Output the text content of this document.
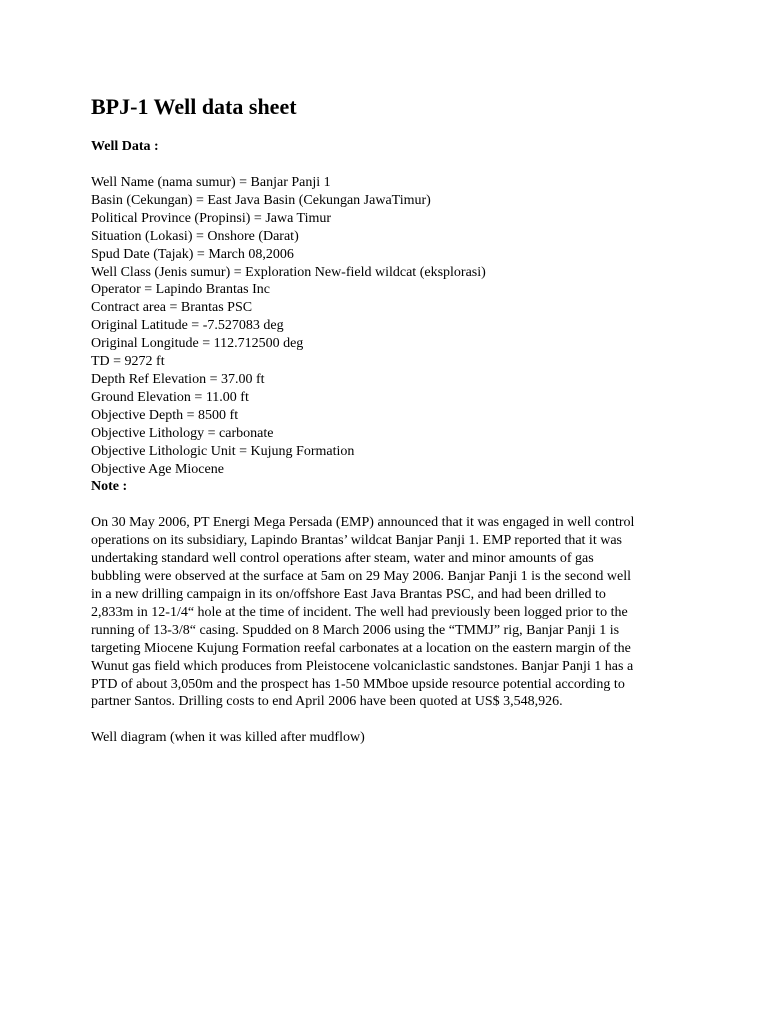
BPJ-1 Well data sheet

Well Data :

Well Name (nama sumur) = Banjar Panji 1
Basin (Cekungan) = East Java Basin (Cekungan JawaTimur)
Political Province (Propinsi) = Jawa Timur
Situation (Lokasi) = Onshore (Darat)
Spud Date (Tajak) = March 08,2006
Well Class (Jenis sumur) = Exploration New-field wildcat (eksplorasi)
Operator = Lapindo Brantas Inc
Contract area = Brantas PSC
Original Latitude = -7.527083 deg
Original Longitude = 112.712500 deg
TD = 9272 ft
Depth Ref Elevation = 37.00 ft
Ground Elevation = 11.00 ft
Objective Depth = 8500 ft
Objective Lithology = carbonate
Objective Lithologic Unit = Kujung Formation
Objective Age Miocene

Note :

On 30 May 2006, PT Energi Mega Persada (EMP) announced that it was engaged in well control
operations on its subsidiary, Lapindo Brantas’ wildcat Banjar Panji 1. EMP reported that it was
undertaking standard well control operations after steam, water and minor amounts of gas
bubbling were observed at the surface at 5am on 29 May 2006. Banjar Panji 1 is the second well
in a new drilling campaign in its on/offshore East Java Brantas PSC, and had been drilled to
2,833m in 12-1/4“ hole at the time of incident. The well had previously been logged prior to the
running of 13-3/8“ casing. Spudded on 8 March 2006 using the “TMMJ” rig, Banjar Panji 1 is
targeting Miocene Kujung Formation reefal carbonates at a location on the eastern margin of the
Wunut gas field which produces from Pleistocene volcaniclastic sandstones. Banjar Panji 1 has a
PTD of about 3,050m and the prospect has 1-50 MMboe upside resource potential according to
partner Santos. Drilling costs to end April 2006 have been quoted at US$ 3,548,926.

Well diagram (when it was killed after mudflow)
